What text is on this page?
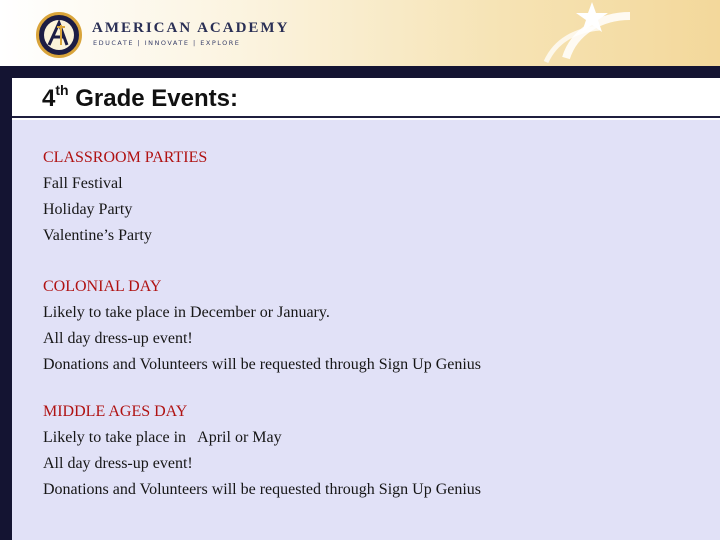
AMERICAN ACADEMY
EDUCATE | INNOVATE | EXPLORE
4th Grade Events:
CLASSROOM PARTIES
Fall Festival
Holiday Party
Valentine’s Party
COLONIAL DAY
Likely to take place in December or January.
All day dress-up event!
Donations and Volunteers will be requested through Sign Up Genius
MIDDLE AGES DAY
Likely to take place in   April or May
All day dress-up event!
Donations and Volunteers will be requested through Sign Up Genius
